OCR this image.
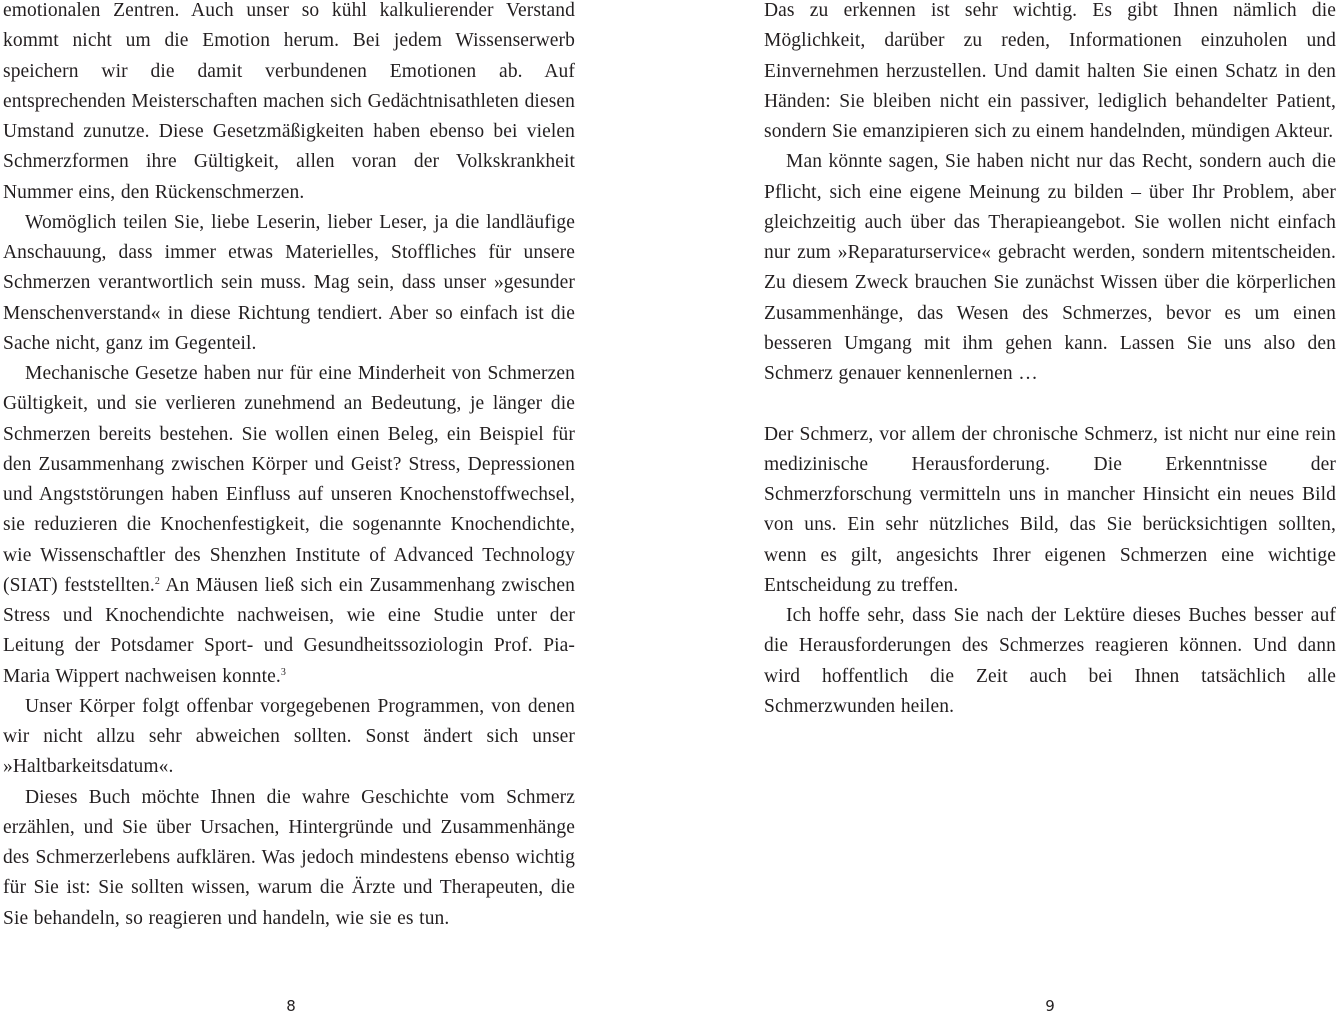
emotionalen Zentren. Auch unser so kühl kalkulierender Verstand kommt nicht um die Emotion herum. Bei jedem Wissenserwerb speichern wir die damit verbundenen Emotionen ab. Auf entsprechenden Meisterschaften machen sich Gedächtnisathleten diesen Umstand zunutze. Diese Gesetzmäßigkeiten haben ebenso bei vielen Schmerzformen ihre Gültigkeit, allen voran der Volkskrankheit Nummer eins, den Rückenschmerzen.

Womöglich teilen Sie, liebe Leserin, lieber Leser, ja die landläufige Anschauung, dass immer etwas Materielles, Stoffliches für unsere Schmerzen verantwortlich sein muss. Mag sein, dass unser »gesunder Menschenverstand« in diese Richtung tendiert. Aber so einfach ist die Sache nicht, ganz im Gegenteil.

Mechanische Gesetze haben nur für eine Minderheit von Schmerzen Gültigkeit, und sie verlieren zunehmend an Bedeutung, je länger die Schmerzen bereits bestehen. Sie wollen einen Beleg, ein Beispiel für den Zusammenhang zwischen Körper und Geist? Stress, Depressionen und Angststörungen haben Einfluss auf unseren Knochenstoffwechsel, sie reduzieren die Knochenfestigkeit, die sogenannte Knochendichte, wie Wissenschaftler des Shenzhen Institute of Advanced Technology (SIAT) feststellten.$^2$ An Mäusen ließ sich ein Zusammenhang zwischen Stress und Knochendichte nachweisen, wie eine Studie unter der Leitung der Potsdamer Sport- und Gesundheitssoziologin Prof. Pia-Maria Wippert nachweisen konnte.$^3$

Unser Körper folgt offenbar vorgegebenen Programmen, von denen wir nicht allzu sehr abweichen sollten. Sonst ändert sich unser »Haltbarkeitsdatum«.

Dieses Buch möchte Ihnen die wahre Geschichte vom Schmerz erzählen, und Sie über Ursachen, Hintergründe und Zusammenhänge des Schmerzerlebens aufklären. Was jedoch mindestens ebenso wichtig für Sie ist: Sie sollten wissen, warum die Ärzte und Therapeuten, die Sie behandeln, so reagieren und handeln, wie sie es tun.

8

Das zu erkennen ist sehr wichtig. Es gibt Ihnen nämlich die Möglichkeit, darüber zu reden, Informationen einzuholen und Einvernehmen herzustellen. Und damit halten Sie einen Schatz in den Händen: Sie bleiben nicht ein passiver, lediglich behandelter Patient, sondern Sie emanzipieren sich zu einem handelnden, mündigen Akteur.

Man könnte sagen, Sie haben nicht nur das Recht, sondern auch die Pflicht, sich eine eigene Meinung zu bilden – über Ihr Problem, aber gleichzeitig auch über das Therapieangebot. Sie wollen nicht einfach nur zum »Reparaturservice« gebracht werden, sondern mitentscheiden. Zu diesem Zweck brauchen Sie zunächst Wissen über die körperlichen Zusammenhänge, das Wesen des Schmerzes, bevor es um einen besseren Umgang mit ihm gehen kann. Lassen Sie uns also den Schmerz genauer kennenlernen …

Der Schmerz, vor allem der chronische Schmerz, ist nicht nur eine rein medizinische Herausforderung. Die Erkenntnisse der Schmerzforschung vermitteln uns in mancher Hinsicht ein neues Bild von uns. Ein sehr nützliches Bild, das Sie berücksichtigen sollten, wenn es gilt, angesichts Ihrer eigenen Schmerzen eine wichtige Entscheidung zu treffen.

Ich hoffe sehr, dass Sie nach der Lektüre dieses Buches besser auf die Herausforderungen des Schmerzes reagieren können. Und dann wird hoffentlich die Zeit auch bei Ihnen tatsächlich alle Schmerzwunden heilen.

9
